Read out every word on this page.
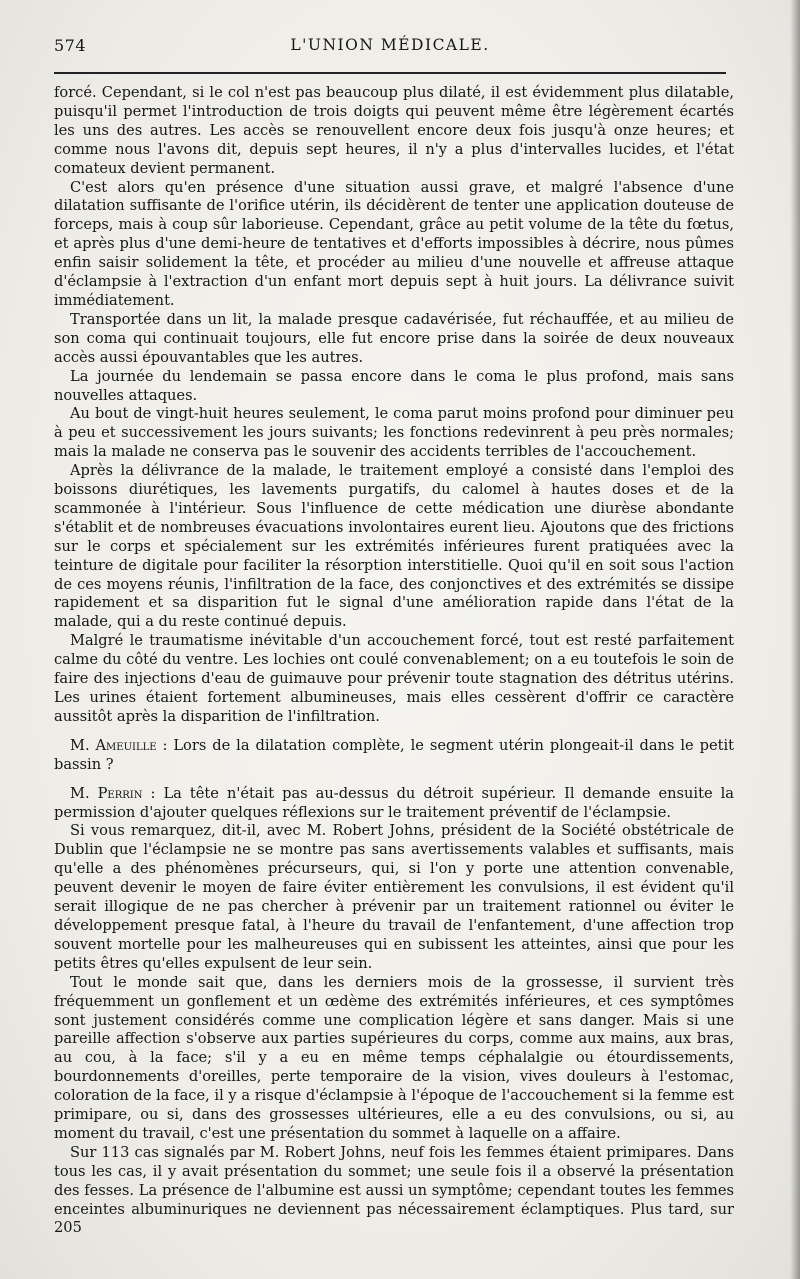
574	L'UNION MÉDICALE.

forcé. Cependant, si le col n'est pas beaucoup plus dilaté, il est évidemment plus dilatable, puisqu'il permet l'introduction de trois doigts qui peuvent même être légèrement écartés les uns des autres. Les accès se renouvellent encore deux fois jusqu'à onze heures; et comme nous l'avons dit, depuis sept heures, il n'y a plus d'intervalles lucides, et l'état comateux devient permanent.

C'est alors qu'en présence d'une situation aussi grave, et malgré l'absence d'une dilatation suffisante de l'orifice utérin, ils décidèrent de tenter une application douteuse de forceps, mais à coup sûr laborieuse. Cependant, grâce au petit volume de la tête du fœtus, et après plus d'une demi-heure de tentatives et d'efforts impossibles à décrire, nous pûmes enfin saisir solidement la tête, et procéder au milieu d'une nouvelle et affreuse attaque d'éclampsie à l'extraction d'un enfant mort depuis sept à huit jours. La délivrance suivit immédiatement.

Transportée dans un lit, la malade presque cadavérisée, fut réchauffée, et au milieu de son coma qui continuait toujours, elle fut encore prise dans la soirée de deux nouveaux accès aussi épouvantables que les autres.

La journée du lendemain se passa encore dans le coma le plus profond, mais sans nouvelles attaques.

Au bout de vingt-huit heures seulement, le coma parut moins profond pour diminuer peu à peu et successivement les jours suivants; les fonctions redevinrent à peu près normales; mais la malade ne conserva pas le souvenir des accidents terribles de l'accouchement.

Après la délivrance de la malade, le traitement employé a consisté dans l'emploi des boissons diurétiques, les lavements purgatifs, du calomel à hautes doses et de la scammonée à l'intérieur. Sous l'influence de cette médication une diurèse abondante s'établit et de nombreuses évacuations involontaires eurent lieu. Ajoutons que des frictions sur le corps et spécialement sur les extrémités inférieures furent pratiquées avec la teinture de digitale pour faciliter la résorption interstitielle. Quoi qu'il en soit sous l'action de ces moyens réunis, l'infiltration de la face, des conjonctives et des extrémités se dissipe rapidement et sa disparition fut le signal d'une amélioration rapide dans l'état de la malade, qui a du reste continué depuis.

Malgré le traumatisme inévitable d'un accouchement forcé, tout est resté parfaitement calme du côté du ventre. Les lochies ont coulé convenablement; on a eu toutefois le soin de faire des injections d'eau de guimauve pour prévenir toute stagnation des détritus utérins. Les urines étaient fortement albumineuses, mais elles cessèrent d'offrir ce caractère aussitôt après la disparition de l'infiltration.

M. Ameuille : Lors de la dilatation complète, le segment utérin plongeait-il dans le petit bassin ?

M. Perrin : La tête n'était pas au-dessus du détroit supérieur. Il demande ensuite la permission d'ajouter quelques réflexions sur le traitement préventif de l'éclampsie.

Si vous remarquez, dit-il, avec M. Robert Johns, président de la Société obstétricale de Dublin que l'éclampsie ne se montre pas sans avertissements valables et suffisants, mais qu'elle a des phénomènes précurseurs, qui, si l'on y porte une attention convenable, peuvent devenir le moyen de faire éviter entièrement les convulsions, il est évident qu'il serait illogique de ne pas chercher à prévenir par un traitement rationnel ou éviter le développement presque fatal, à l'heure du travail de l'enfantement, d'une affection trop souvent mortelle pour les malheureuses qui en subissent les atteintes, ainsi que pour les petits êtres qu'elles expulsent de leur sein.

Tout le monde sait que, dans les derniers mois de la grossesse, il survient très fréquemment un gonflement et un œdème des extrémités inférieures, et ces symptômes sont justement considérés comme une complication légère et sans danger. Mais si une pareille affection s'observe aux parties supérieures du corps, comme aux mains, aux bras, au cou, à la face; s'il y a eu en même temps céphalalgie ou étourdissements, bourdonnements d'oreilles, perte temporaire de la vision, vives douleurs à l'estomac, coloration de la face, il y a risque d'éclampsie à l'époque de l'accouchement si la femme est primipare, ou si, dans des grossesses ultérieures, elle a eu des convulsions, ou si, au moment du travail, c'est une présentation du sommet à laquelle on a affaire.

Sur 113 cas signalés par M. Robert Johns, neuf fois les femmes étaient primipares. Dans tous les cas, il y avait présentation du sommet; une seule fois il a observé la présentation des fesses. La présence de l'albumine est aussi un symptôme; cependant toutes les femmes enceintes albuminuriques ne deviennent pas nécessairement éclamptiques. Plus tard, sur 205
